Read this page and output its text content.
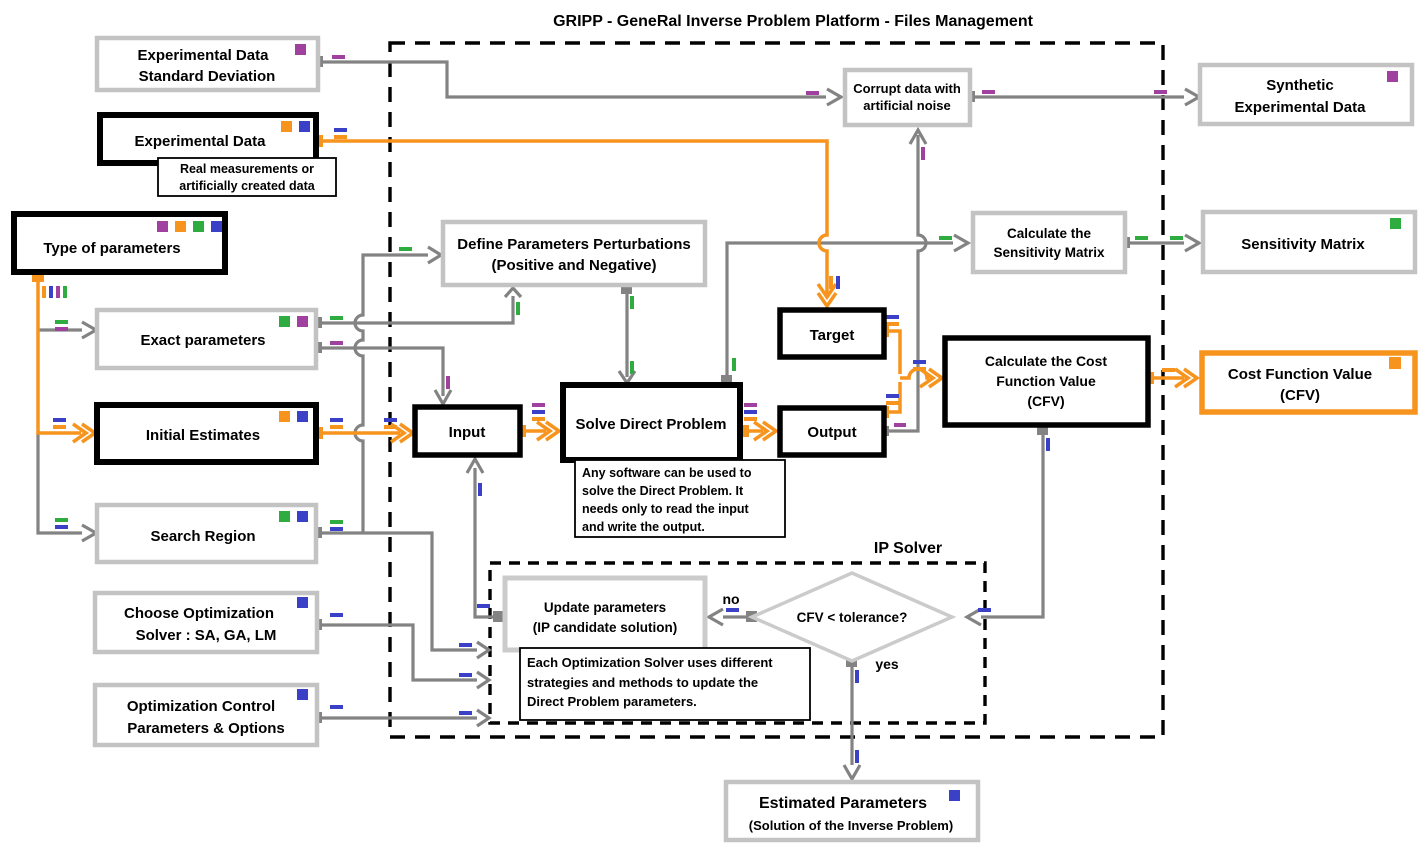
GRIPP - GeneRal Inverse Problem Platform - Files Management
IP Solver
Experimental Data
Standard Deviation
Experimental Data
Real measurements or
artificially created data
Type of parameters
Exact parameters
Initial Estimates
Search Region
Choose Optimization
Solver : SA, GA, LM
Optimization Control
Parameters & Options
Define Parameters Perturbations
(Positive and Negative)
Corrupt data with
artificial noise
Calculate the
Sensitivity Matrix
Target
Input	Solve Direct Problem	Output
Calculate the Cost
Function Value
(CFV)
Any software can be used to
solve the Direct Problem. It
needs only to read the input
and write the output.
Update parameters
(IP candidate solution)
Each Optimization Solver uses different
strategies and methods to update the
Direct Problem parameters.
CFV < tolerance?
no
yes
Synthetic
Experimental Data
Sensitivity Matrix
Cost Function Value
(CFV)
Estimated Parameters
(Solution of the Inverse Problem)
